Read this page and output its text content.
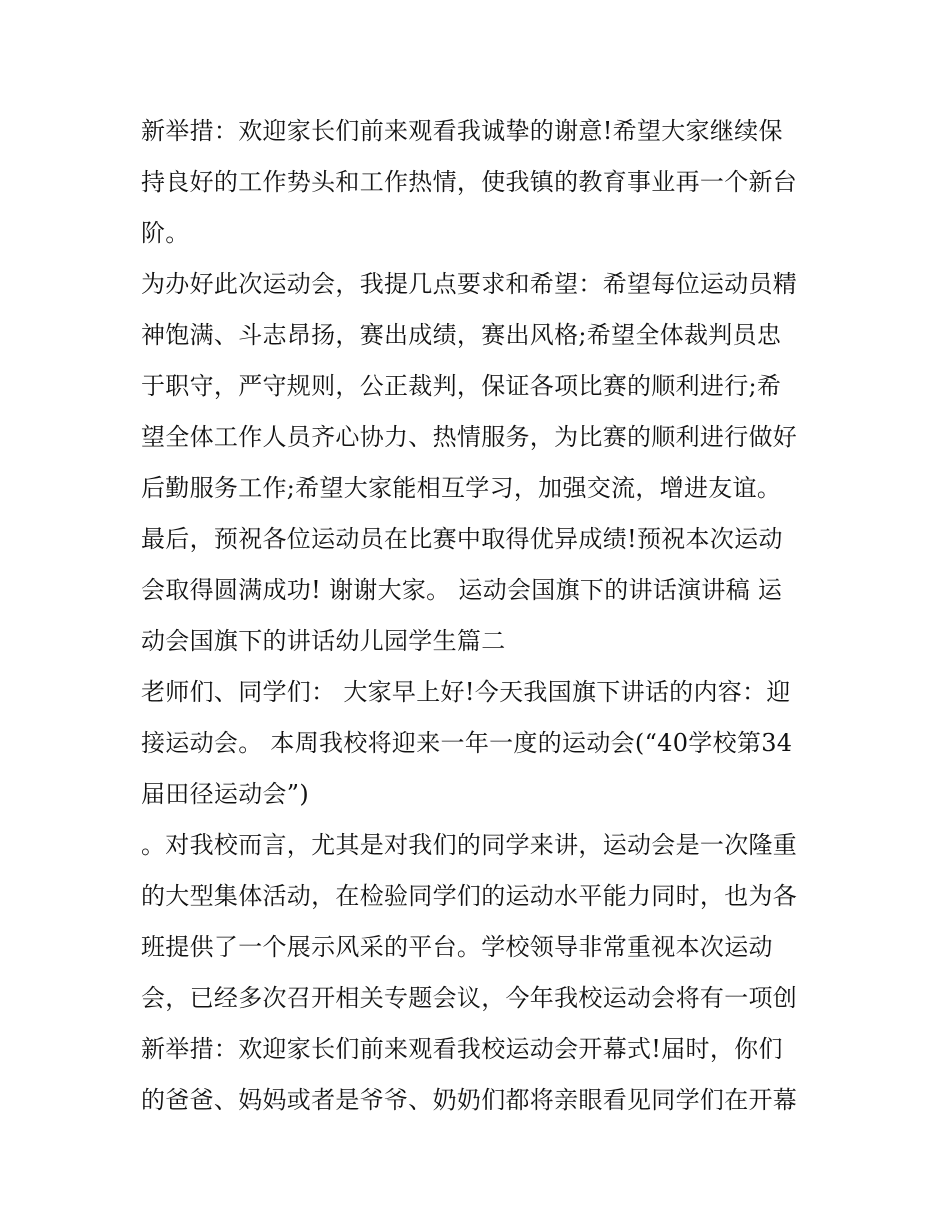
新举措：欢迎家长们前来观看我诚挚的谢意!希望大家继续保
持良好的工作势头和工作热情，使我镇的教育事业再一个新台
阶。
为办好此次运动会，我提几点要求和希望：希望每位运动员精
神饱满、斗志昂扬，赛出成绩，赛出风格;希望全体裁判员忠
于职守，严守规则，公正裁判，保证各项比赛的顺利进行;希
望全体工作人员齐心协力、热情服务，为比赛的顺利进行做好
后勤服务工作;希望大家能相互学习，加强交流，增进友谊。
最后，预祝各位运动员在比赛中取得优异成绩!预祝本次运动
会取得圆满成功! 谢谢大家。 运动会国旗下的讲话演讲稿 运
动会国旗下的讲话幼儿园学生篇二
老师们、同学们： 大家早上好!今天我国旗下讲话的内容：迎
接运动会。 本周我校将迎来一年一度的运动会(“40学校第34
届田径运动会”)
。对我校而言，尤其是对我们的同学来讲，运动会是一次隆重
的大型集体活动，在检验同学们的运动水平能力同时，也为各
班提供了一个展示风采的平台。学校领导非常重视本次运动
会，已经多次召开相关专题会议，今年我校运动会将有一项创
新举措：欢迎家长们前来观看我校运动会开幕式!届时，你们
的爸爸、妈妈或者是爷爷、奶奶们都将亲眼看见同学们在开幕
